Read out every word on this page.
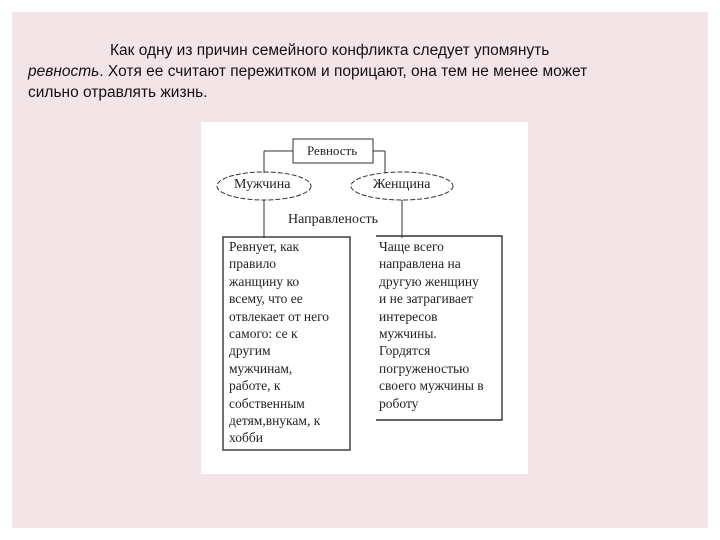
Как одну из причин семейного конфликта следует упомянуть
ревность. Хотя ее считают пережитком и порицают, она тем не менее может
сильно отравлять жизнь.
Ревность
Мужчина	Женщина
Направленость
Ревнует, как
правило
жанщину ко
всему, что ее
отвлекает от него
самого: се к
другим
мужчинам,
работе, к
собственным
детям,внукам, к
хобби
Чаще всего
направлена на
другую женщину
и не затрагивает
интересов
мужчины.
Гордятся
погруженостью
своего мужчины в
роботу
